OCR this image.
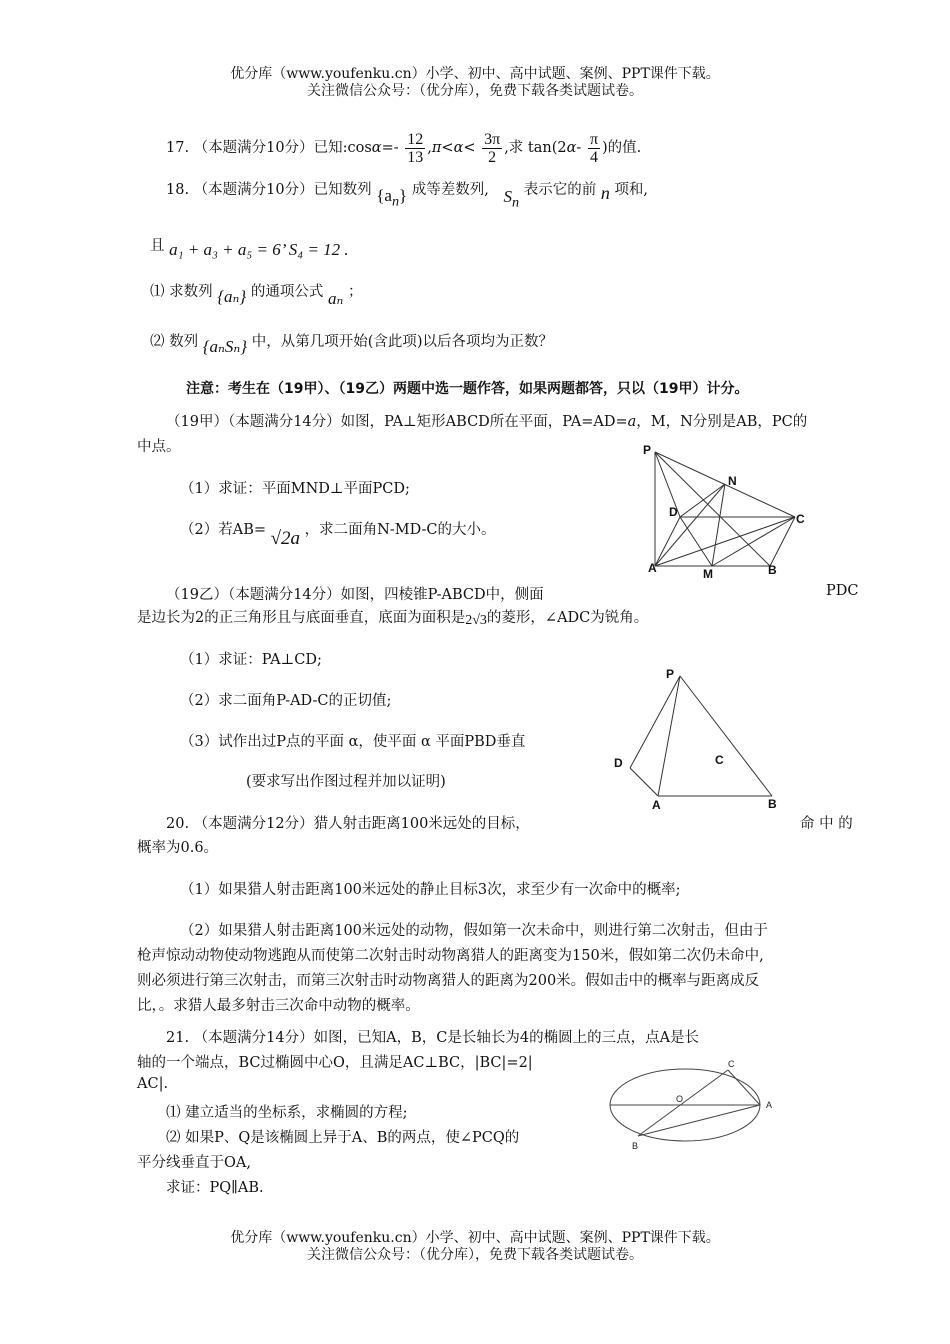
优分库（www.youfenku.cn）小学、初中、高中试题、案例、PPT课件下载。
关注微信公众号：（优分库），免费下载各类试题试卷。
17. （本题满分10分）已知:cosα=- $\frac{12}{13} ,\pi<\alpha< \frac{3\pi}{2}$ ,求 $\tan(2\alpha- \frac{\pi}{4}$ )的值.
18. （本题满分10分）已知数列 $\{a_n\}$ 成等差数列, $S_n$ 表示它的前 n 项和,
且 a₁ + a₃ + a₅ = 6’ S₄ = 12 .
⑴ 求数列 {aₙ} 的通项公式 aₙ ；
⑵ 数列 {aₙSₙ} 中，从第几项开始(含此项)以后各项均为正数？
注意：考生在（19甲）、（19乙）两题中选一题作答，如果两题都答，只以（19甲）计分。
（19甲）（本题满分14分）如图，PA⊥矩形ABCD所在平面，PA=AD=a，M，N分别是AB，PC的
中点。
（1）求证：平面MND⊥平面PCD;
（2）若AB= √2a ，求二面角N-MD-C的大小。
P
N
D	C
A	M	B
（19乙）（本题满分14分）如图，四棱锥P-ABCD中，侧面	PDC
是边长为2的正三角形且与底面垂直，底面为面积是2√3的菱形，∠ADC为锐角。
（1）求证：PA⊥CD;
（2）求二面角P-AD-C的正切值;
（3）试作出过P点的平面 α，使平面 α 平面PBD垂直
(要求写出作图过程并加以证明)
P
D	C
A	B
20. （本题满分12分）猎人射击距离100米远处的目标，	命 中 的
概率为0.6。
（1）如果猎人射击距离100米远处的静止目标3次，求至少有一次命中的概率;
（2）如果猎人射击距离100米远处的动物，假如第一次未命中，则进行第二次射击，但由于
枪声惊动动物使动物逃跑从而使第二次射击时动物离猎人的距离变为150米，假如第二次仍未命中,
则必须进行第三次射击，而第三次射击时动物离猎人的距离为200米。假如击中的概率与距离成反
比，。求猎人最多射击三次命中动物的概率。
21. （本题满分14分）如图，已知A，B，C是长轴长为4的椭圆上的三点，点A是长
轴的一个端点，BC过椭圆中心O，且满足AC⊥BC，|BC|=2|
AC|.
⑴ 建立适当的坐标系，求椭圆的方程;
⑵ 如果P、Q是该椭圆上异于A、B的两点，使∠PCQ的
平分线垂直于OA,
求证：PQ∥AB.
C
O
A
B
优分库（www.youfenku.cn）小学、初中、高中试题、案例、PPT课件下载。
关注微信公众号：（优分库），免费下载各类试题试卷。
